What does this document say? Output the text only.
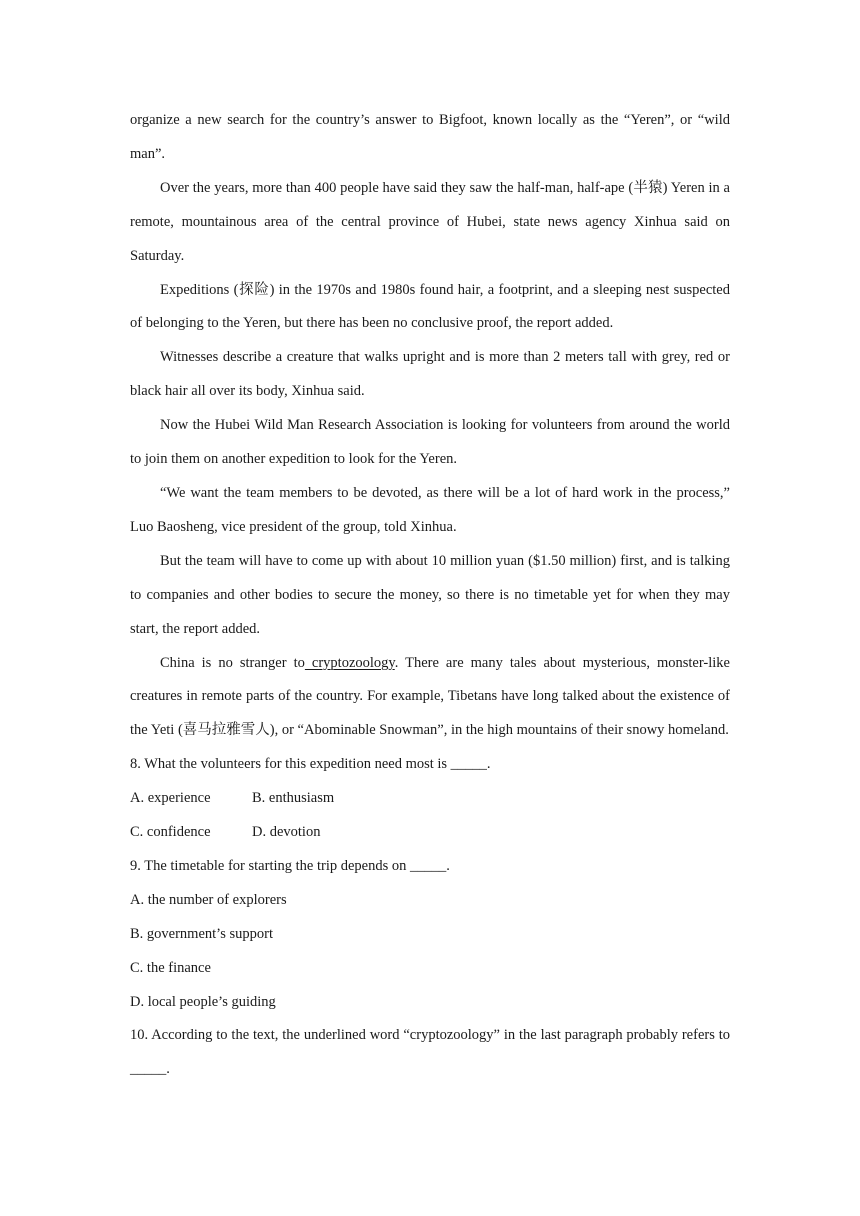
organize a new search for the country’s answer to Bigfoot, known locally as the “Yeren”, or “wild man”.

Over the years, more than 400 people have said they saw the half-man, half-ape (半猿) Yeren in a remote, mountainous area of the central province of Hubei, state news agency Xinhua said on Saturday.

Expeditions (探险) in the 1970s and 1980s found hair, a footprint, and a sleeping nest suspected of belonging to the Yeren, but there has been no conclusive proof, the report added.

Witnesses describe a creature that walks upright and is more than 2 meters tall with grey, red or black hair all over its body, Xinhua said.

Now the Hubei Wild Man Research Association is looking for volunteers from around the world to join them on another expedition to look for the Yeren.

“We want the team members to be devoted, as there will be a lot of hard work in the process,” Luo Baosheng, vice president of the group, told Xinhua.

But the team will have to come up with about 10 million yuan ($1.50 million) first, and is talking to companies and other bodies to secure the money, so there is no timetable yet for when they may start, the report added.

China is no stranger to cryptozoology. There are many tales about mysterious, monster-like creatures in remote parts of the country. For example, Tibetans have long talked about the existence of the Yeti (喜马拉雅雪人), or “Abominable Snowman”, in the high mountains of their snowy homeland.

8. What the volunteers for this expedition need most is _____.

A. experience	B. enthusiasm

C. confidence	D. devotion

9. The timetable for starting the trip depends on _____.

A. the number of explorers

B. government’s support

C. the finance

D. local people’s guiding

10. According to the text, the underlined word “cryptozoology” in the last paragraph probably refers to _____.
